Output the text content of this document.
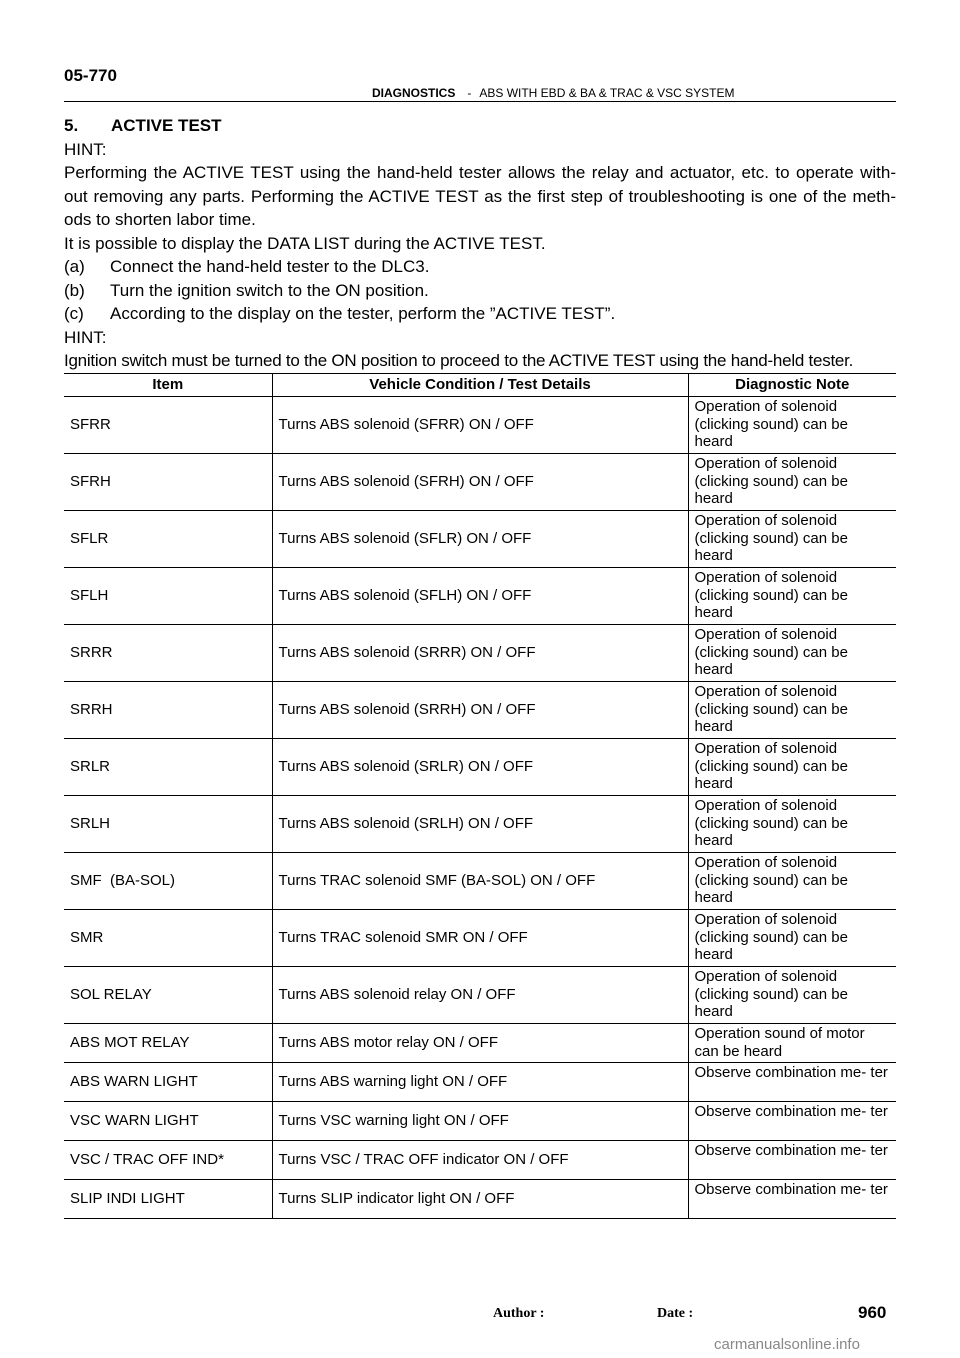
05-770
DIAGNOSTICS - ABS WITH EBD & BA & TRAC & VSC SYSTEM

5. ACTIVE TEST

HINT:

Performing the ACTIVE TEST using the hand-held tester allows the relay and actuator, etc. to operate with- out removing any parts. Performing the ACTIVE TEST as the first step of troubleshooting is one of the meth- ods to shorten labor time.

It is possible to display the DATA LIST during the ACTIVE TEST.

(a) Connect the hand-held tester to the DLC3.

(b) Turn the ignition switch to the ON position.

(c) According to the display on the tester, perform the ”ACTIVE TEST”.

HINT:

Ignition switch must be turned to the ON position to proceed to the ACTIVE TEST using the hand-held tester.

Item	Vehicle Condition / Test Details	Diagnostic Note
SFRR	Turns ABS solenoid (SFRR) ON / OFF	Operation of solenoid (clicking sound) can be heard
SFRH	Turns ABS solenoid (SFRH) ON / OFF	Operation of solenoid (clicking sound) can be heard
SFLR	Turns ABS solenoid (SFLR) ON / OFF	Operation of solenoid (clicking sound) can be heard
SFLH	Turns ABS solenoid (SFLH) ON / OFF	Operation of solenoid (clicking sound) can be heard
SRRR	Turns ABS solenoid (SRRR) ON / OFF	Operation of solenoid (clicking sound) can be heard
SRRH	Turns ABS solenoid (SRRH) ON / OFF	Operation of solenoid (clicking sound) can be heard
SRLR	Turns ABS solenoid (SRLR) ON / OFF	Operation of solenoid (clicking sound) can be heard
SRLH	Turns ABS solenoid (SRLH) ON / OFF	Operation of solenoid (clicking sound) can be heard
SMF  (BA-SOL)	Turns TRAC solenoid SMF (BA-SOL) ON / OFF	Operation of solenoid (clicking sound) can be heard
SMR	Turns TRAC solenoid SMR ON / OFF	Operation of solenoid (clicking sound) can be heard
SOL RELAY	Turns ABS solenoid relay ON / OFF	Operation of solenoid (clicking sound) can be heard
ABS MOT RELAY	Turns ABS motor relay ON / OFF	Operation sound of motor can be heard
ABS WARN LIGHT	Turns ABS warning light ON / OFF	Observe combination me- ter
VSC WARN LIGHT	Turns VSC warning light ON / OFF	Observe combination me- ter
VSC / TRAC OFF IND*	Turns VSC / TRAC OFF indicator ON / OFF	Observe combination me- ter
SLIP INDI LIGHT	Turns SLIP indicator light ON / OFF	Observe combination me- ter
Author :	Date :	960
carmanualsonline.info
